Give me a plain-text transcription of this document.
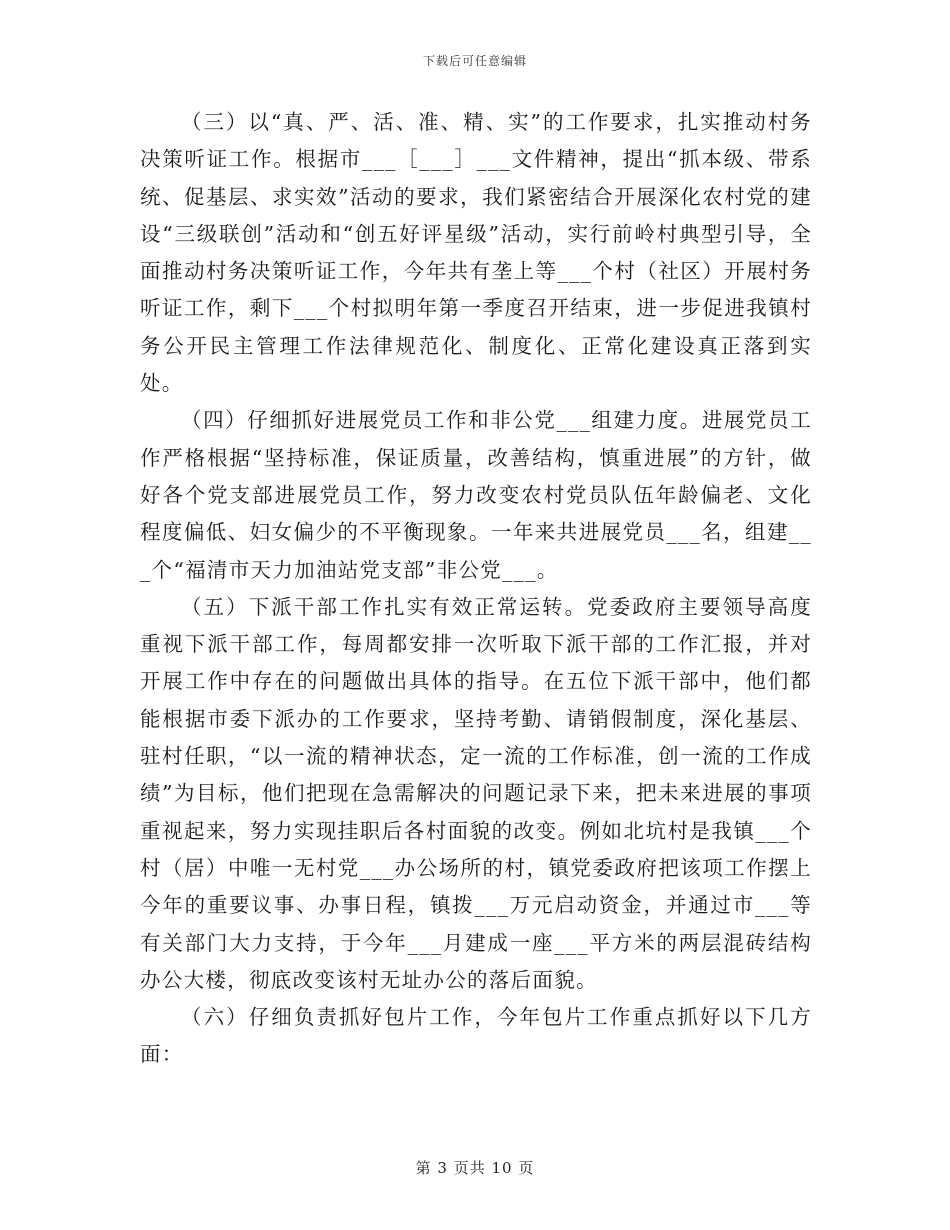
下载后可任意编辑

（三）以“真、严、活、准、精、实”的工作要求，扎实推动村务决策听证工作。根据市___［___］___文件精神，提出“抓本级、带系统、促基层、求实效”活动的要求，我们紧密结合开展深化农村党的建设“三级联创”活动和“创五好评星级”活动，实行前岭村典型引导，全面推动村务决策听证工作，今年共有垄上等___个村（社区）开展村务听证工作，剩下___个村拟明年第一季度召开结束，进一步促进我镇村务公开民主管理工作法律规范化、制度化、正常化建设真正落到实处。

（四）仔细抓好进展党员工作和非公党___组建力度。进展党员工作严格根据“坚持标准，保证质量，改善结构，慎重进展”的方针，做好各个党支部进展党员工作，努力改变农村党员队伍年龄偏老、文化程度偏低、妇女偏少的不平衡现象。一年来共进展党员___名，组建___个“福清市天力加油站党支部”非公党___。

（五）下派干部工作扎实有效正常运转。党委政府主要领导高度重视下派干部工作，每周都安排一次听取下派干部的工作汇报，并对开展工作中存在的问题做出具体的指导。在五位下派干部中，他们都能根据市委下派办的工作要求，坚持考勤、请销假制度，深化基层、驻村任职，“以一流的精神状态，定一流的工作标准，创一流的工作成绩”为目标，他们把现在急需解决的问题记录下来，把未来进展的事项重视起来，努力实现挂职后各村面貌的改变。例如北坑村是我镇___个村（居）中唯一无村党___办公场所的村，镇党委政府把该项工作摆上今年的重要议事、办事日程，镇拨___万元启动资金，并通过市___等有关部门大力支持，于今年___月建成一座___平方米的两层混砖结构办公大楼，彻底改变该村无址办公的落后面貌。

（六）仔细负责抓好包片工作，今年包片工作重点抓好以下几方面：

第 3 页共 10 页
